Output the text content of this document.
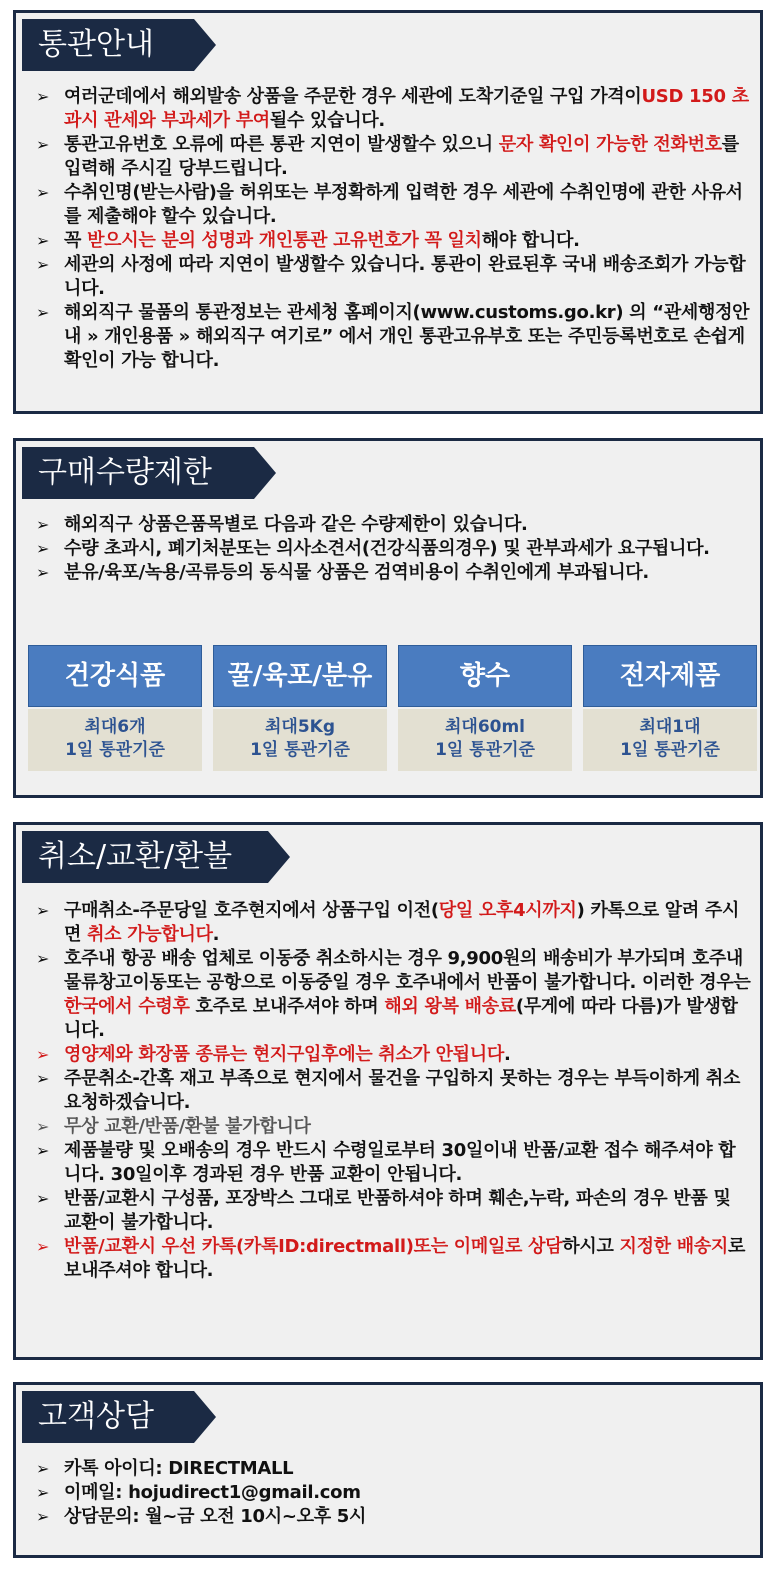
통관안내
➢ 여러군데에서 해외발송 상품을 주문한 경우 세관에 도착기준일 구입 가격이USD 150 초과시 관세와 부과세가 부여될수 있습니다.
➢ 통관고유번호 오류에 따른 통관 지연이 발생할수 있으니 문자 확인이 가능한 전화번호를 입력해 주시길 당부드립니다.
➢ 수취인명(받는사람)을 허위또는 부정확하게 입력한 경우 세관에 수취인명에 관한 사유서를 제출해야 할수 있습니다.
➢ 꼭 받으시는 분의 성명과 개인통관 고유번호가 꼭 일치해야 합니다.
➢ 세관의 사정에 따라 지연이 발생할수 있습니다. 통관이 완료된후 국내 배송조회가 가능합니다.
➢ 해외직구 물품의 통관정보는 관세청 홈페이지(www.customs.go.kr) 의 “관세행정안내 » 개인용품 » 해외직구 여기로” 에서 개인 통관고유부호 또는 주민등록번호로 손쉽게 확인이 가능 합니다.
구매수량제한
➢ 해외직구 상품은품목별로 다음과 같은 수량제한이 있습니다.
➢ 수량 초과시, 폐기처분또는 의사소견서(건강식품의경우) 및 관부과세가 요구됩니다.
➢ 분유/육포/녹용/곡류등의 동식물 상품은 검역비용이 수취인에게 부과됩니다.
건강식품
최대6개
1일 통관기준
꿀/육포/분유
최대5Kg
1일 통관기준
향수
최대60ml
1일 통관기준
전자제품
최대1대
1일 통관기준
취소/교환/환불
➢ 구매취소-주문당일 호주현지에서 상품구입 이전(당일 오후4시까지) 카톡으로 알려 주시면 취소 가능합니다.
➢ 호주내 항공 배송 업체로 이동중 취소하시는 경우 9,900원의 배송비가 부가되며 호주내 물류창고이동또는 공항으로 이동중일 경우 호주내에서 반품이 불가합니다. 이러한 경우는 한국에서 수령후 호주로 보내주셔야 하며 해외 왕복 배송료(무게에 따라 다름)가 발생합니다.
➢ 영양제와 화장품 종류는 현지구입후에는 취소가 안됩니다.
➢ 주문취소-간혹 재고 부족으로 현지에서 물건을 구입하지 못하는 경우는 부득이하게 취소요청하겠습니다.
➢ 무상 교환/반품/환불 불가합니다
➢ 제품불량 및 오배송의 경우 반드시 수령일로부터 30일이내 반품/교환 접수 해주셔야 합니다. 30일이후 경과된 경우 반품 교환이 안됩니다.
➢ 반품/교환시 구성품, 포장박스 그대로 반품하셔야 하며 훼손,누락, 파손의 경우 반품 및 교환이 불가합니다.
➢ 반품/교환시 우선 카톡(카톡ID:directmall)또는 이메일로 상담하시고 지정한 배송지로 보내주셔야 합니다.
고객상담
➢ 카톡 아이디: DIRECTMALL
➢ 이메일: hojudirect1@gmail.com
➢ 상담문의: 월~금 오전 10시~오후 5시
